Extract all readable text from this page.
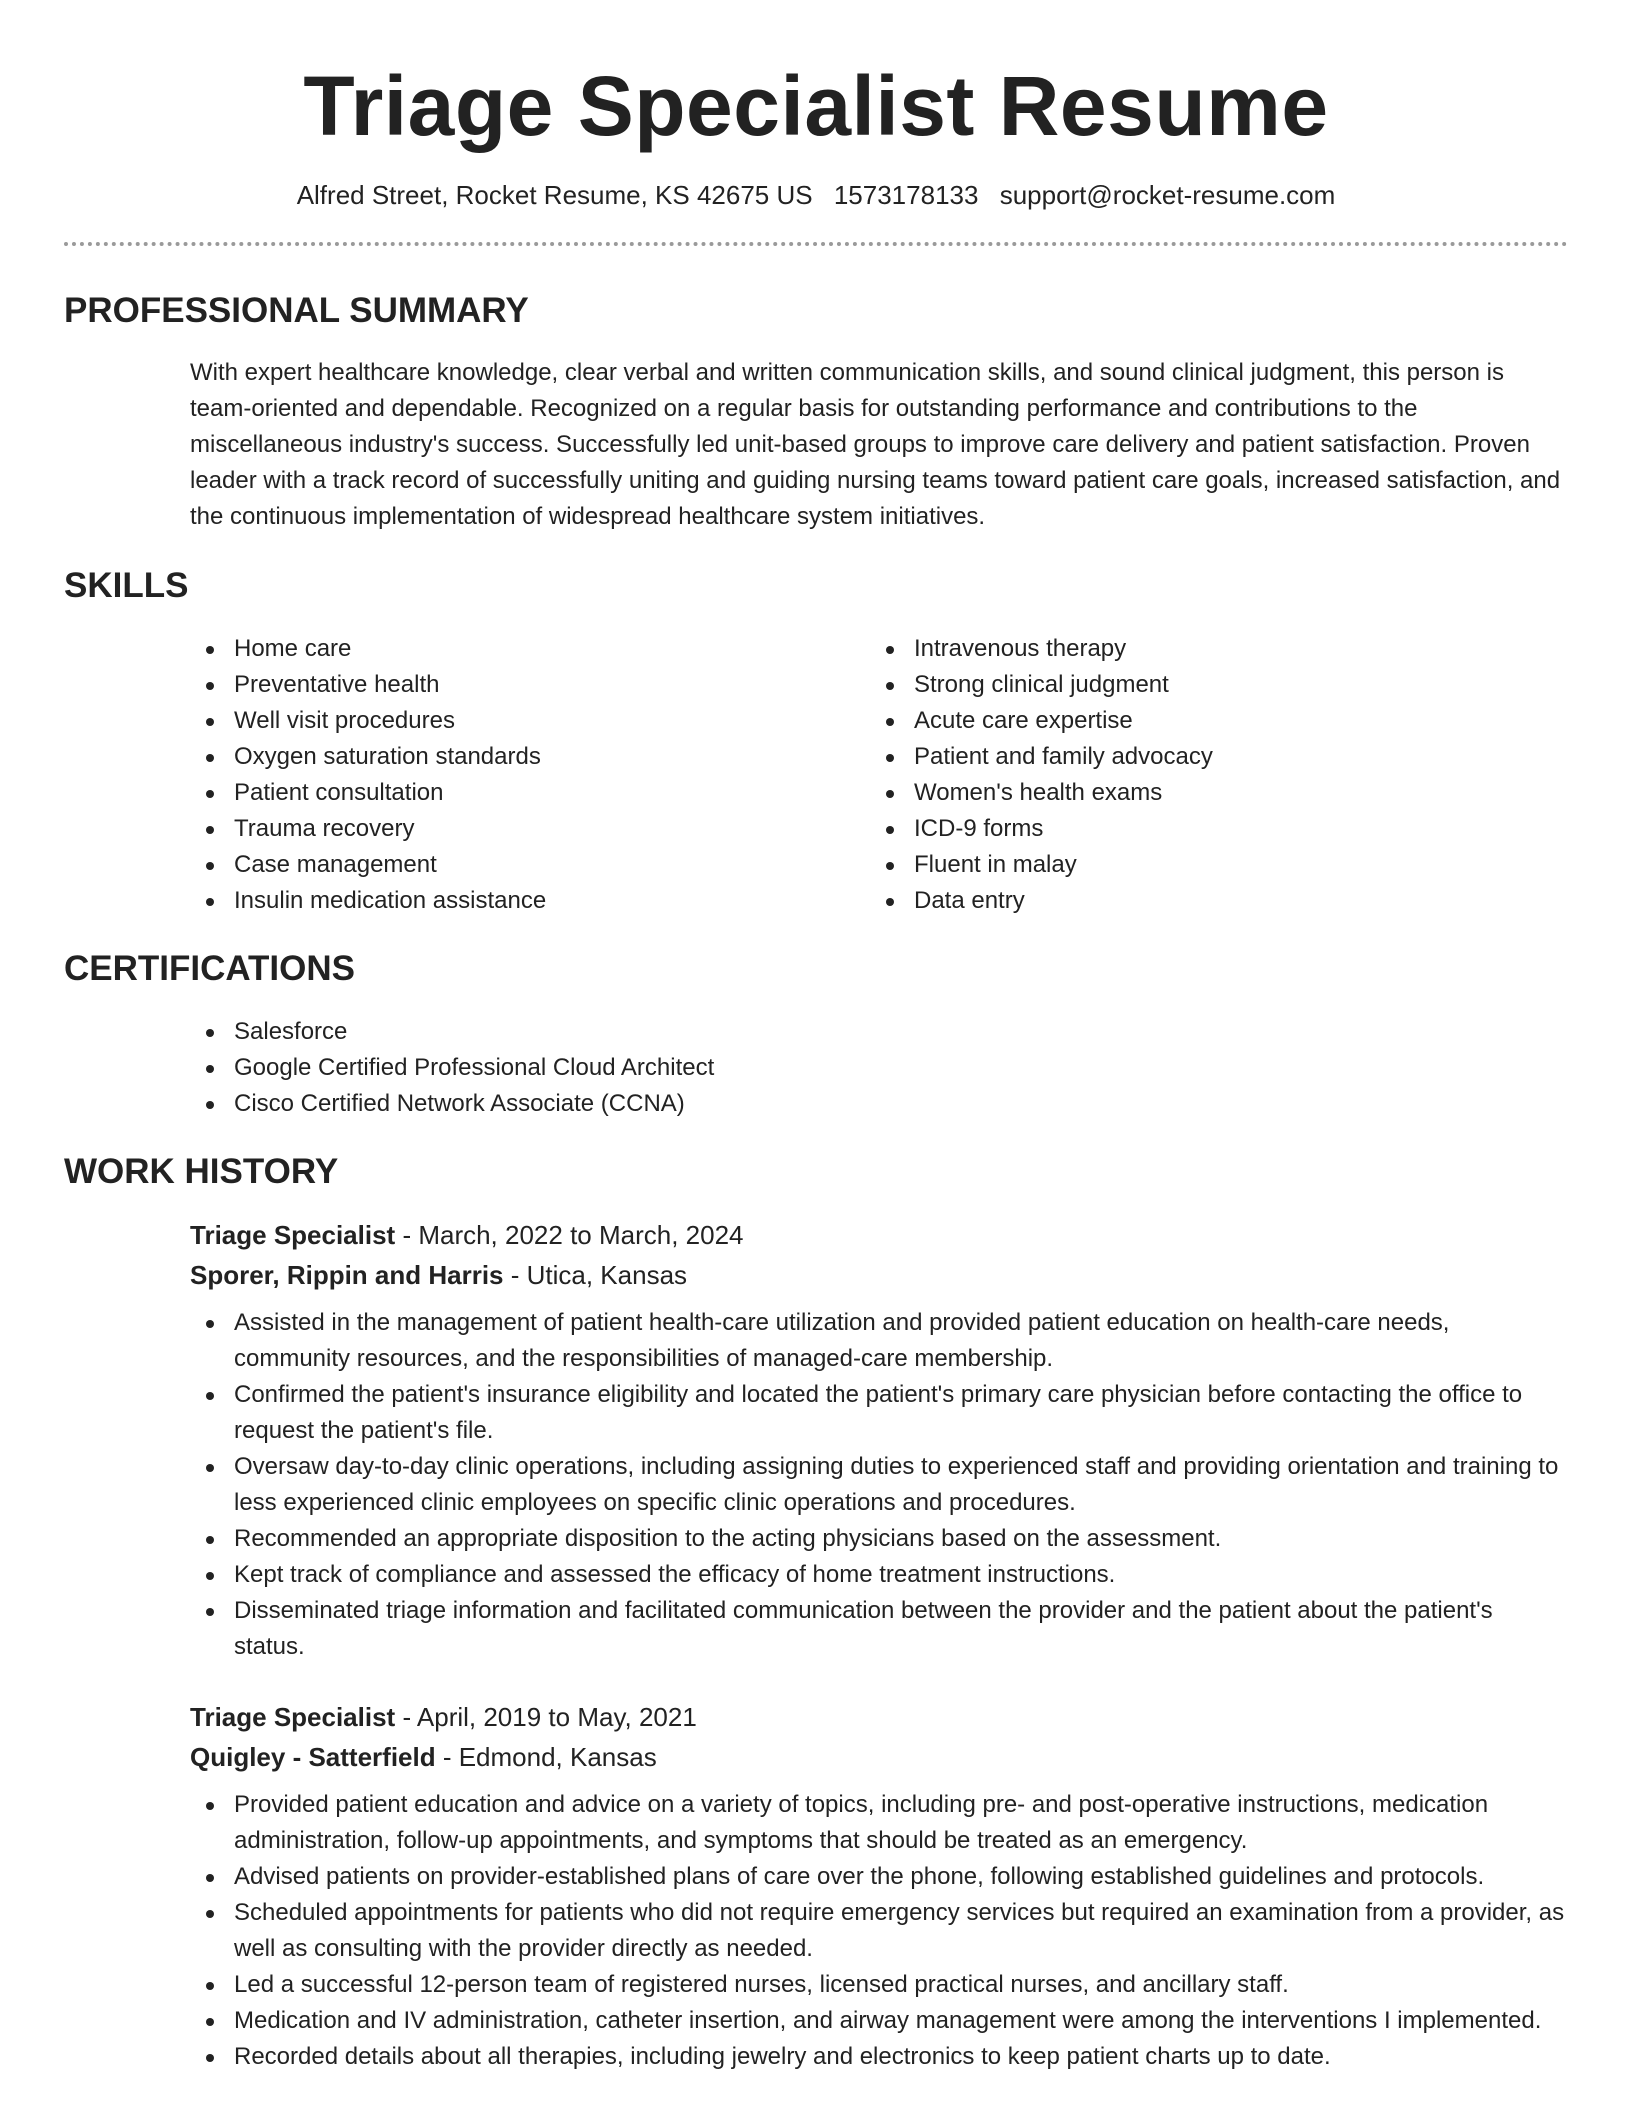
Triage Specialist Resume
Alfred Street, Rocket Resume, KS 42675 US 1573178133 support@rocket-resume.com
PROFESSIONAL SUMMARY

With expert healthcare knowledge, clear verbal and written communication skills, and sound clinical judgment, this person is team-oriented and dependable. Recognized on a regular basis for outstanding performance and contributions to the miscellaneous industry's success. Successfully led unit-based groups to improve care delivery and patient satisfaction. Proven leader with a track record of successfully uniting and guiding nursing teams toward patient care goals, increased satisfaction, and the continuous implementation of widespread healthcare system initiatives.

SKILLS
Home care
Preventative health
Well visit procedures
Oxygen saturation standards
Patient consultation
Trauma recovery
Case management
Insulin medication assistance
Intravenous therapy
Strong clinical judgment
Acute care expertise
Patient and family advocacy
Women's health exams
ICD-9 forms
Fluent in malay
Data entry
CERTIFICATIONS
Salesforce
Google Certified Professional Cloud Architect
Cisco Certified Network Associate (CCNA)
WORK HISTORY
Triage Specialist - March, 2022 to March, 2024
Sporer, Rippin and Harris - Utica, Kansas
Assisted in the management of patient health-care utilization and provided patient education on health-care needs, community resources, and the responsibilities of managed-care membership.
Confirmed the patient's insurance eligibility and located the patient's primary care physician before contacting the office to request the patient's file.
Oversaw day-to-day clinic operations, including assigning duties to experienced staff and providing orientation and training to less experienced clinic employees on specific clinic operations and procedures.
Recommended an appropriate disposition to the acting physicians based on the assessment.
Kept track of compliance and assessed the efficacy of home treatment instructions.
Disseminated triage information and facilitated communication between the provider and the patient about the patient's status.
Triage Specialist - April, 2019 to May, 2021
Quigley - Satterfield - Edmond, Kansas
Provided patient education and advice on a variety of topics, including pre- and post-operative instructions, medication administration, follow-up appointments, and symptoms that should be treated as an emergency.
Advised patients on provider-established plans of care over the phone, following established guidelines and protocols.
Scheduled appointments for patients who did not require emergency services but required an examination from a provider, as well as consulting with the provider directly as needed.
Led a successful 12-person team of registered nurses, licensed practical nurses, and ancillary staff.
Medication and IV administration, catheter insertion, and airway management were among the interventions I implemented.
Recorded details about all therapies, including jewelry and electronics to keep patient charts up to date.
